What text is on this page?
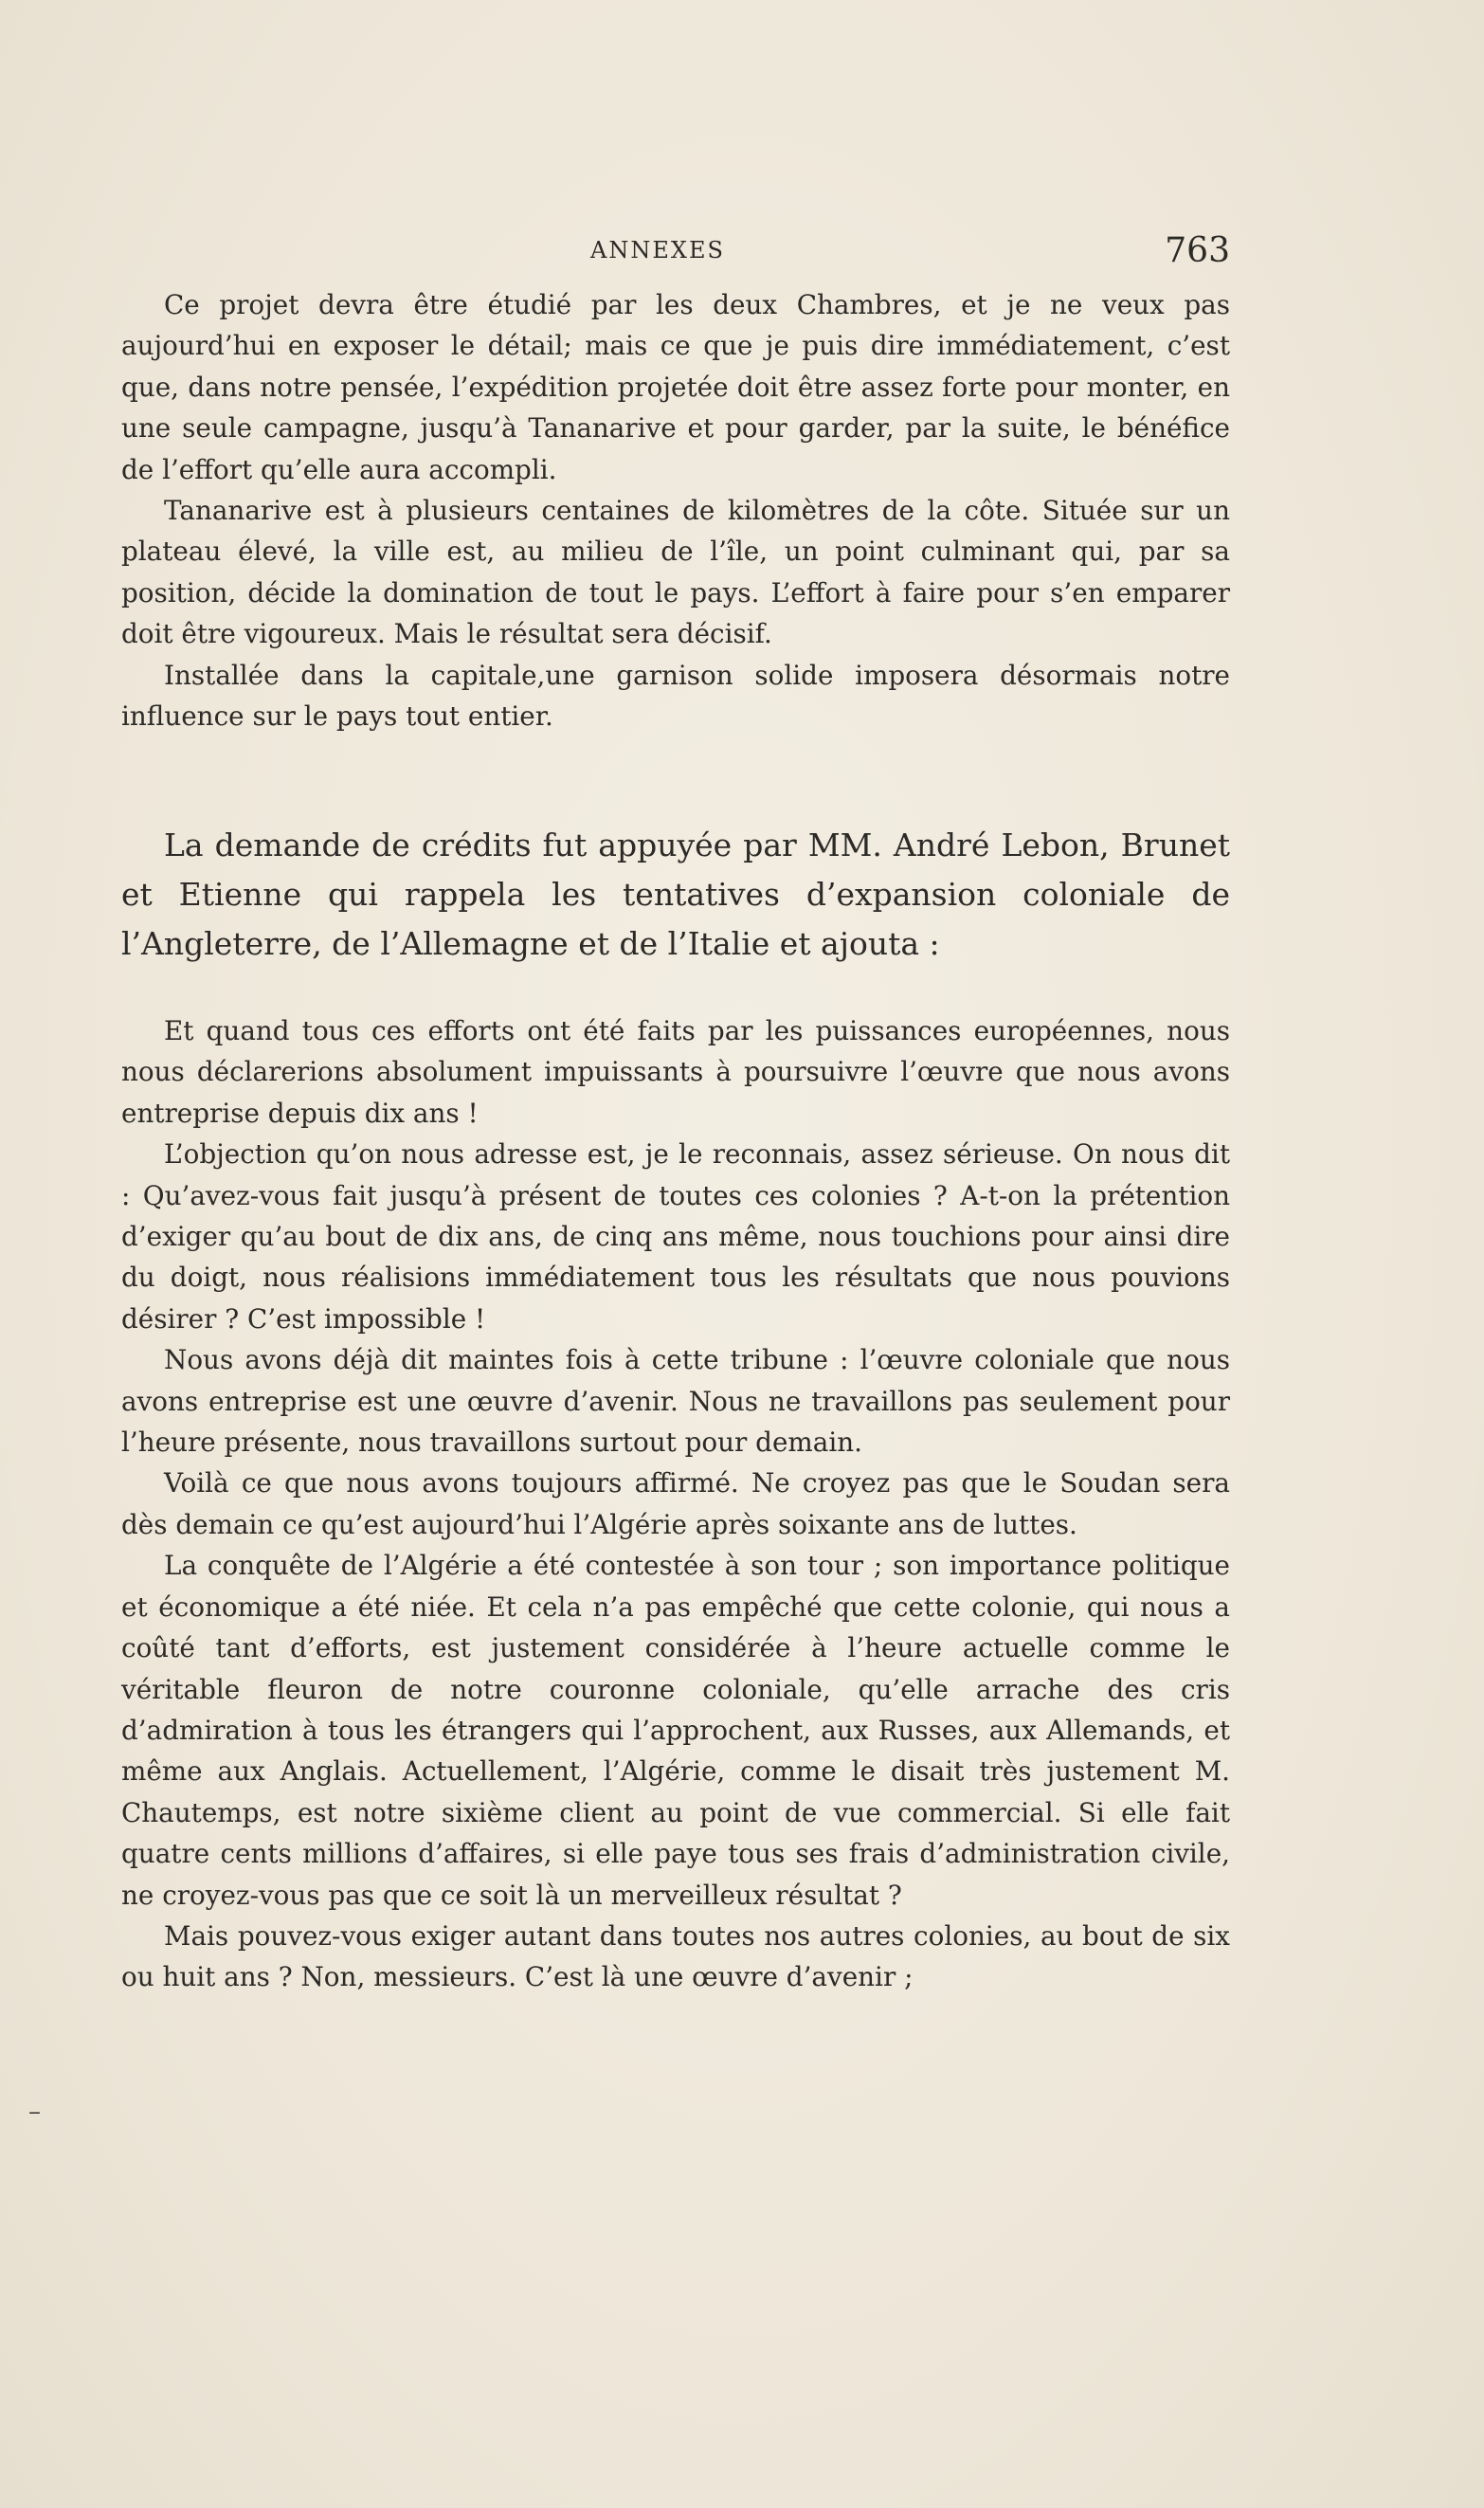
ANNEXES	763

Ce projet devra être étudié par les deux Chambres, et je ne veux pas aujourd’hui en exposer le détail; mais ce que je puis dire immédiatement, c’est que, dans notre pensée, l’expédition projetée doit être assez forte pour monter, en une seule campagne, jusqu’à Tananarive et pour garder, par la suite, le bénéfice de l’effort qu’elle aura accompli.

Tananarive est à plusieurs centaines de kilomètres de la côte. Située sur un plateau élevé, la ville est, au milieu de l’île, un point culminant qui, par sa position, décide la domination de tout le pays. L’effort à faire pour s’en emparer doit être vigoureux. Mais le résultat sera décisif.

Installée dans la capitale,une garnison solide imposera désormais notre influence sur le pays tout entier.

La demande de crédits fut appuyée par MM. André Lebon, Brunet et Etienne qui rappela les tentatives d’expansion coloniale de l’Angleterre, de l’Allemagne et de l’Italie et ajouta :

Et quand tous ces efforts ont été faits par les puissances européennes, nous nous déclarerions absolument impuissants à poursuivre l’œuvre que nous avons entreprise depuis dix ans !

L’objection qu’on nous adresse est, je le reconnais, assez sérieuse. On nous dit : Qu’avez-vous fait jusqu’à présent de toutes ces colonies ? A-t-on la prétention d’exiger qu’au bout de dix ans, de cinq ans même, nous touchions pour ainsi dire du doigt, nous réalisions immédiatement tous les résultats que nous pouvions désirer ? C’est impossible !

Nous avons déjà dit maintes fois à cette tribune : l’œuvre coloniale que nous avons entreprise est une œuvre d’avenir. Nous ne travaillons pas seulement pour l’heure présente, nous travaillons surtout pour demain.

Voilà ce que nous avons toujours affirmé. Ne croyez pas que le Soudan sera dès demain ce qu’est aujourd’hui l’Algérie après soixante ans de luttes.

La conquête de l’Algérie a été contestée à son tour ; son importance politique et économique a été niée. Et cela n’a pas empêché que cette colonie, qui nous a coûté tant d’efforts, est justement considérée à l’heure actuelle comme le véritable fleuron de notre couronne coloniale, qu’elle arrache des cris d’admiration à tous les étrangers qui l’approchent, aux Russes, aux Allemands, et même aux Anglais. Actuellement, l’Algérie, comme le disait très justement M. Chautemps, est notre sixième client au point de vue commercial. Si elle fait quatre cents millions d’affaires, si elle paye tous ses frais d’administration civile, ne croyez-vous pas que ce soit là un merveilleux résultat ?

Mais pouvez-vous exiger autant dans toutes nos autres colonies, au bout de six ou huit ans ? Non, messieurs. C’est là une œuvre d’avenir ;

–
